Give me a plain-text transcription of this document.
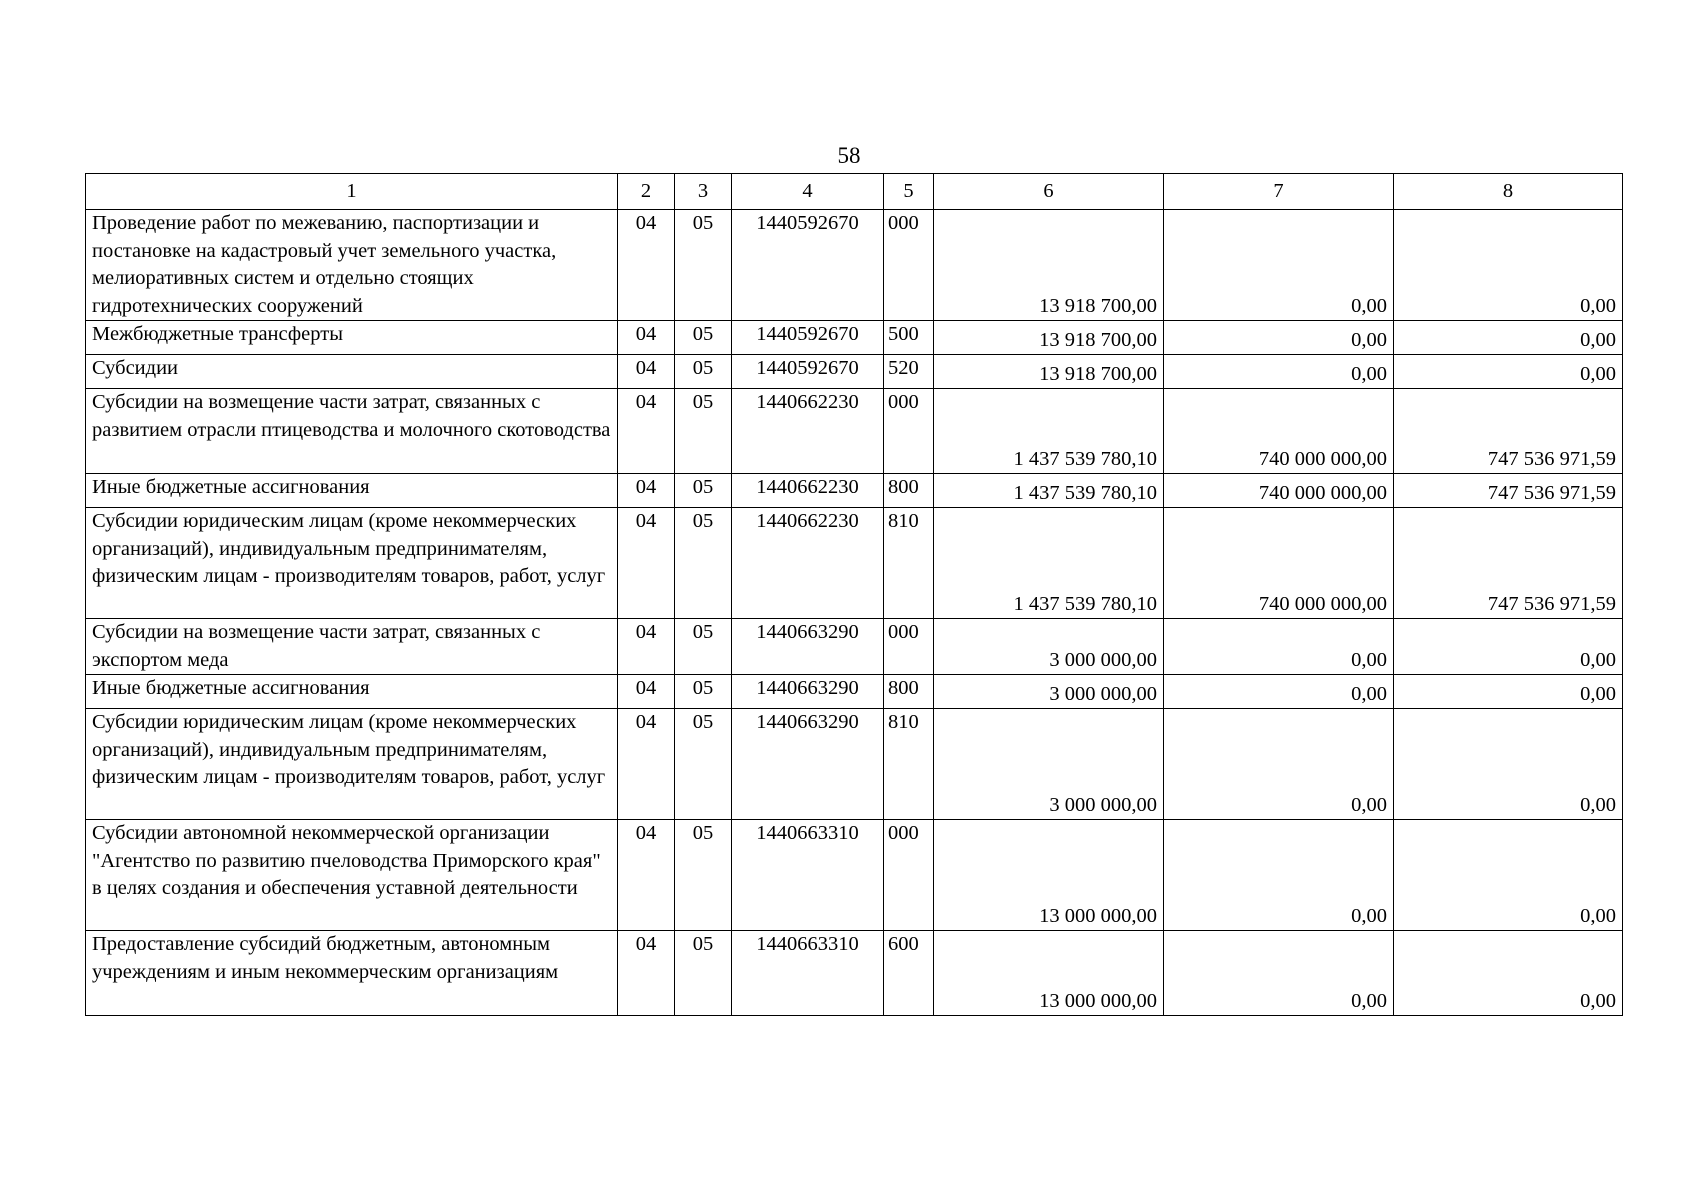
58
1	2	3	4	5	6	7	8
Проведение работ по межеванию, паспортизации и постановке на кадастровый учет земельного участка, мелиоративных систем и отдельно стоящих гидротехнических сооружений	04	05	1440592670	000	13 918 700,00	0,00	0,00
Межбюджетные трансферты	04	05	1440592670	500	13 918 700,00	0,00	0,00
Субсидии	04	05	1440592670	520	13 918 700,00	0,00	0,00
Субсидии на возмещение части затрат, связанных с развитием отрасли птицеводства и молочного скотоводства	04	05	1440662230	000	1 437 539 780,10	740 000 000,00	747 536 971,59
Иные бюджетные ассигнования	04	05	1440662230	800	1 437 539 780,10	740 000 000,00	747 536 971,59
Субсидии юридическим лицам (кроме некоммерческих организаций), индивидуальным предпринимателям, физическим лицам - производителям товаров, работ, услуг	04	05	1440662230	810	1 437 539 780,10	740 000 000,00	747 536 971,59
Субсидии на возмещение части затрат, связанных с экспортом меда	04	05	1440663290	000	3 000 000,00	0,00	0,00
Иные бюджетные ассигнования	04	05	1440663290	800	3 000 000,00	0,00	0,00
Субсидии юридическим лицам (кроме некоммерческих организаций), индивидуальным предпринимателям, физическим лицам - производителям товаров, работ, услуг	04	05	1440663290	810	3 000 000,00	0,00	0,00
Субсидии автономной некоммерческой организации "Агентство по развитию пчеловодства Приморского края" в целях создания и обеспечения уставной деятельности	04	05	1440663310	000	13 000 000,00	0,00	0,00
Предоставление субсидий бюджетным, автономным учреждениям и иным некоммерческим организациям	04	05	1440663310	600	13 000 000,00	0,00	0,00
